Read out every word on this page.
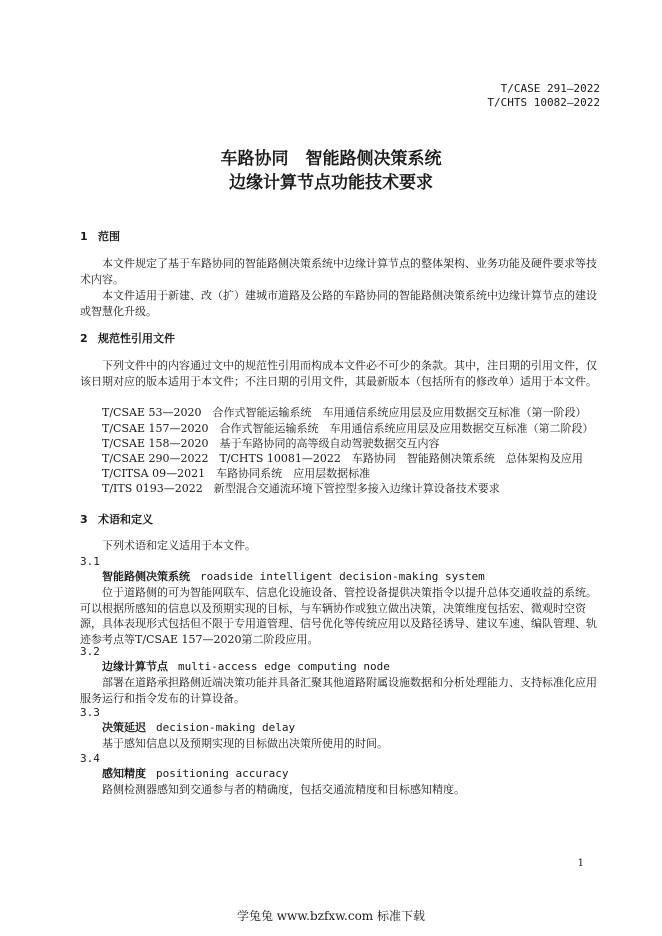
T/CASE 291—2022
T/CHTS 10082—2022
车路协同　智能路侧决策系统
边缘计算节点功能技术要求
1 范围
本文件规定了基于车路协同的智能路侧决策系统中边缘计算节点的整体架构、业务功能及硬件要求等技术内容。
本文件适用于新建、改（扩）建城市道路及公路的车路协同的智能路侧决策系统中边缘计算节点的建设或智慧化升级。
2 规范性引用文件
下列文件中的内容通过文中的规范性引用而构成本文件必不可少的条款。其中，注日期的引用文件，仅该日期对应的版本适用于本文件；不注日期的引用文件，其最新版本（包括所有的修改单）适用于本文件。
T/CSAE 53—2020　合作式智能运输系统　车用通信系统应用层及应用数据交互标准（第一阶段）
T/CSAE 157—2020　合作式智能运输系统　车用通信系统应用层及应用数据交互标准（第二阶段）
T/CSAE 158—2020　基于车路协同的高等级自动驾驶数据交互内容
T/CSAE 290—2022　T/CHTS 10081—2022　车路协同　智能路侧决策系统　总体架构及应用
T/CITSA 09—2021　车路协同系统　应用层数据标准
T/ITS 0193—2022　新型混合交通流环境下管控型多接入边缘计算设备技术要求
3 术语和定义
下列术语和定义适用于本文件。
3.1
智能路侧决策系统 roadside intelligent decision-making system
位于道路侧的可为智能网联车、信息化设施设备、管控设备提供决策指令以提升总体交通收益的系统。可以根据所感知的信息以及预期实现的目标，与车辆协作或独立做出决策，决策维度包括宏、微观时空资源，具体表现形式包括但不限于专用道管理、信号优化等传统应用以及路径诱导、建议车速、编队管理、轨迹参考点等T/CSAE 157—2020第二阶段应用。
3.2
边缘计算节点 multi-access edge computing node
部署在道路承担路侧近端决策功能并具备汇聚其他道路附属设施数据和分析处理能力、支持标准化应用服务运行和指令发布的计算设备。
3.3
决策延迟 decision-making delay
基于感知信息以及预期实现的目标做出决策所使用的时间。
3.4
感知精度 positioning accuracy
路侧检测器感知到交通参与者的精确度，包括交通流精度和目标感知精度。
1
学兔兔 www.bzfxw.com 标准下载
